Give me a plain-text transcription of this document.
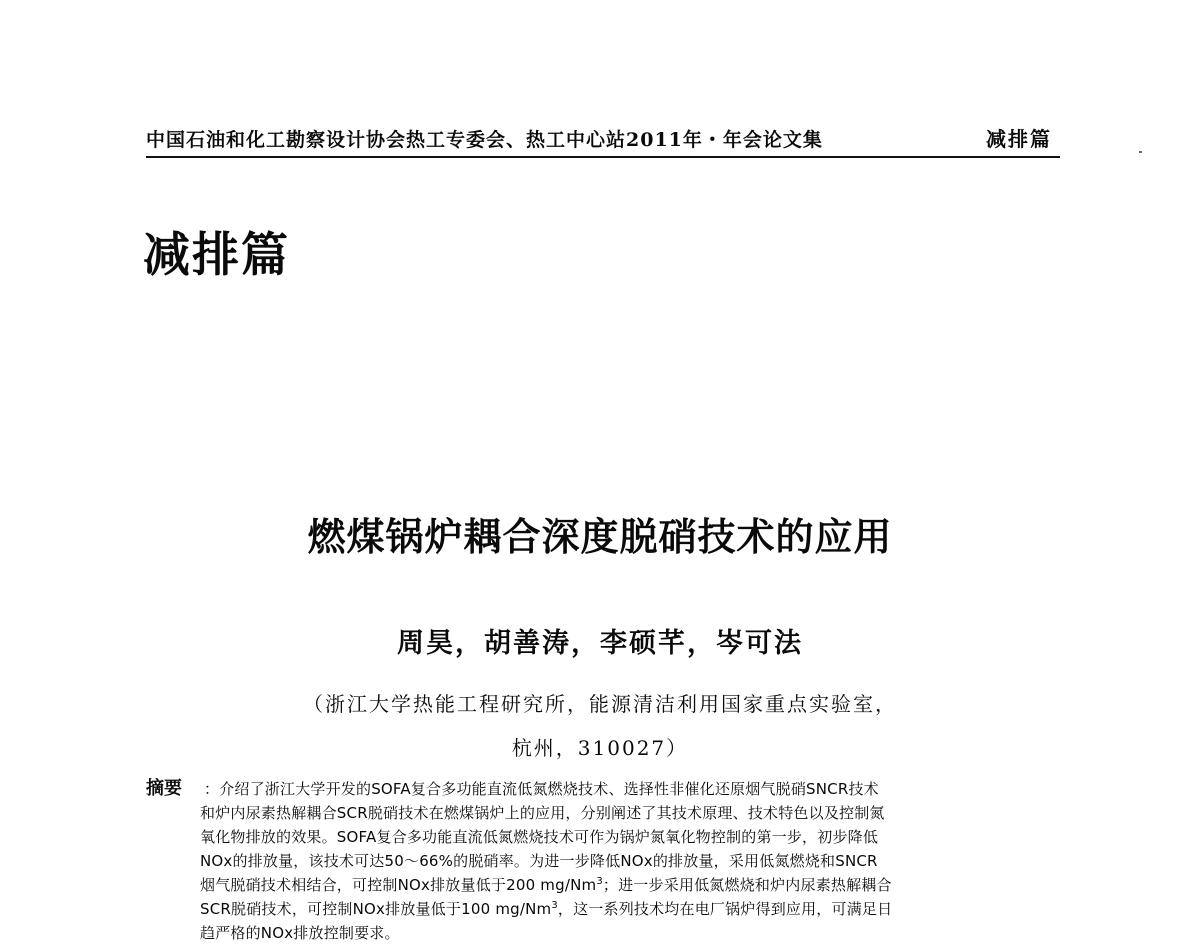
中国石油和化工勘察设计协会热工专委会、热工中心站2011年・年会论文集	减排篇
减排篇
燃煤锅炉耦合深度脱硝技术的应用
周昊，胡善涛，李硕芊，岑可法
（浙江大学热能工程研究所，能源清洁利用国家重点实验室，
杭州，310027）
摘要 ：介绍了浙江大学开发的SOFA复合多功能直流低氮燃烧技术、选择性非催化还原烟气脱硝SNCR技术
和炉内尿素热解耦合SCR脱硝技术在燃煤锅炉上的应用，分别阐述了其技术原理、技术特色以及控制氮
氧化物排放的效果。SOFA复合多功能直流低氮燃烧技术可作为锅炉氮氧化物控制的第一步，初步降低
NOx的排放量，该技术可达50～66%的脱硝率。为进一步降低NOx的排放量，采用低氮燃烧和SNCR
烟气脱硝技术相结合，可控制NOx排放量低于200 mg/Nm$^3$；进一步采用低氮燃烧和炉内尿素热解耦合
SCR脱硝技术，可控制NOx排放量低于100 mg/Nm$^3$，这一系列技术均在电厂锅炉得到应用，可满足日
趋严格的NOx排放控制要求。
